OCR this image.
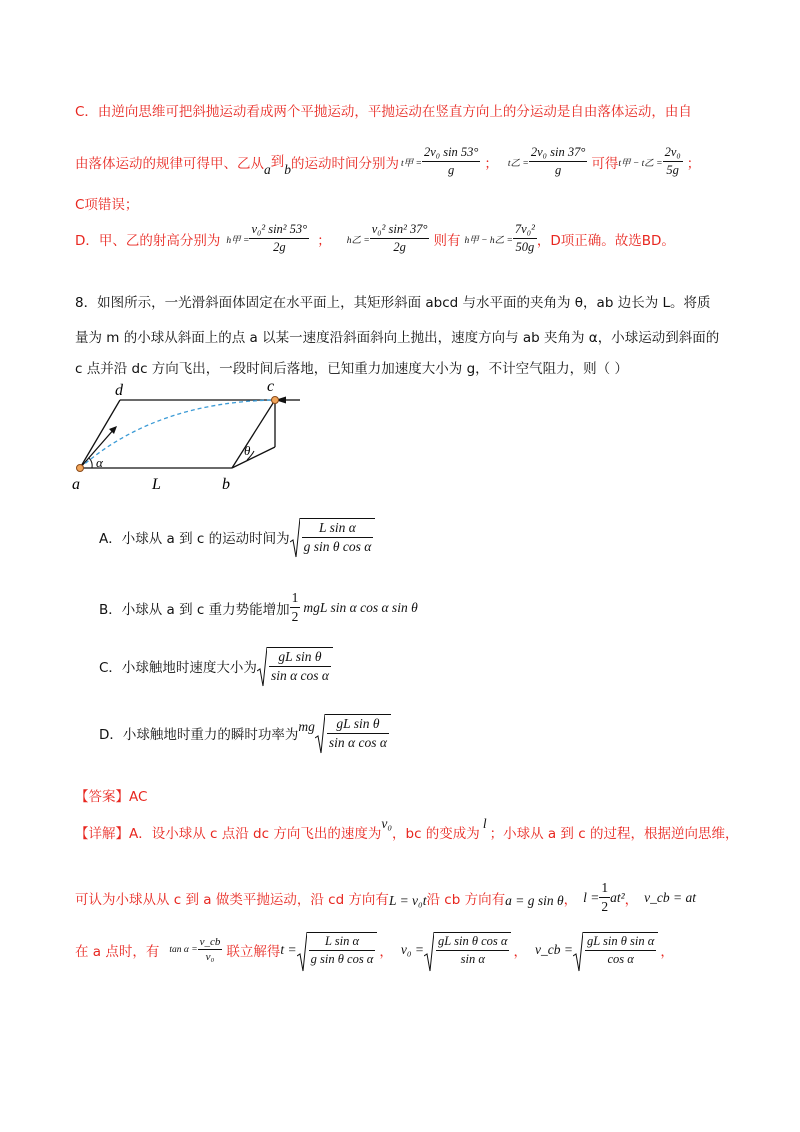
C．由逆向思维可把斜抛运动看成两个平抛运动，平抛运动在竖直方向上的分运动是自由落体运动，由自
由落体运动的规律可得甲、乙从 a 到 b 的运动时间分别为 t甲 = $\frac{\text{2v₀ sin 53°}}{g}$ ； t乙 = $\frac{\text{2v₀ sin 37°}}{g}$ 可得 t甲 − t乙 = $\frac{\text{2v₀}}{5g}$ ；
C项错误；
D．甲、乙的射高分别为 h甲 = $\frac{\text{v₀² sin² 53°}}{2g}$ ； h乙 = $\frac{\text{v₀² sin² 37°}}{2g}$ 则有 h甲 − h乙 = $\frac{\text{7v₀²}}{50g}$ ，D项正确。故选BD。
8．如图所示，一光滑斜面体固定在水平面上，其矩形斜面 abcd 与水平面的夹角为 θ，ab 边长为 L。将质
量为 m 的小球从斜面上的点 a 以某一速度沿斜面斜向上抛出，速度方向与 ab 夹角为 α，小球运动到斜面的
c 点并沿 dc 方向飞出，一段时间后落地，已知重力加速度大小为 g，不计空气阻力，则（ ）
d	c
a	b
L
α
θ
A．小球从 a 到 c 的运动时间为 $\frac{\text{L sin α}}{\text{g sin θ cos α}}$
B．小球从 a 到 c 重力势能增加 $\frac{1}{2}$ mgL sin α cos α sin θ
C．小球触地时速度大小为 $\frac{\text{gL sin θ}}{\text{sin α cos α}}$
D．小球触地时重力的瞬时功率为
mg $\frac{\text{gL sin θ}}{\text{sin α cos α}}$
【答案】AC
【详解】A．设小球从 c 点沿 dc 方向飞出的速度为
v₀
，bc 的变成为
l
；小球从 a 到 c 的过程，根据逆向思维，
可认为小球从从 c 到 a 做类平抛运动，沿 cd 方向有 L = v₀t 沿 cb 方向有 a = g sin θ ， $l = \frac{1}{2} at^2$ ， v_cb = at
在 a 点时，有 $\tan \alpha = \frac{v\_cb}{\text{v₀}}$ 联立解得 $t = \frac{\text{L sin α}}{\text{g sin θ cos α}}$ ， $v_0 = \frac{\text{gL sin θ cos α}}{\text{sin α}}$ ， v_cb = $\frac{\text{gL sin θ sin α}}{\text{cos α}}$ ，
